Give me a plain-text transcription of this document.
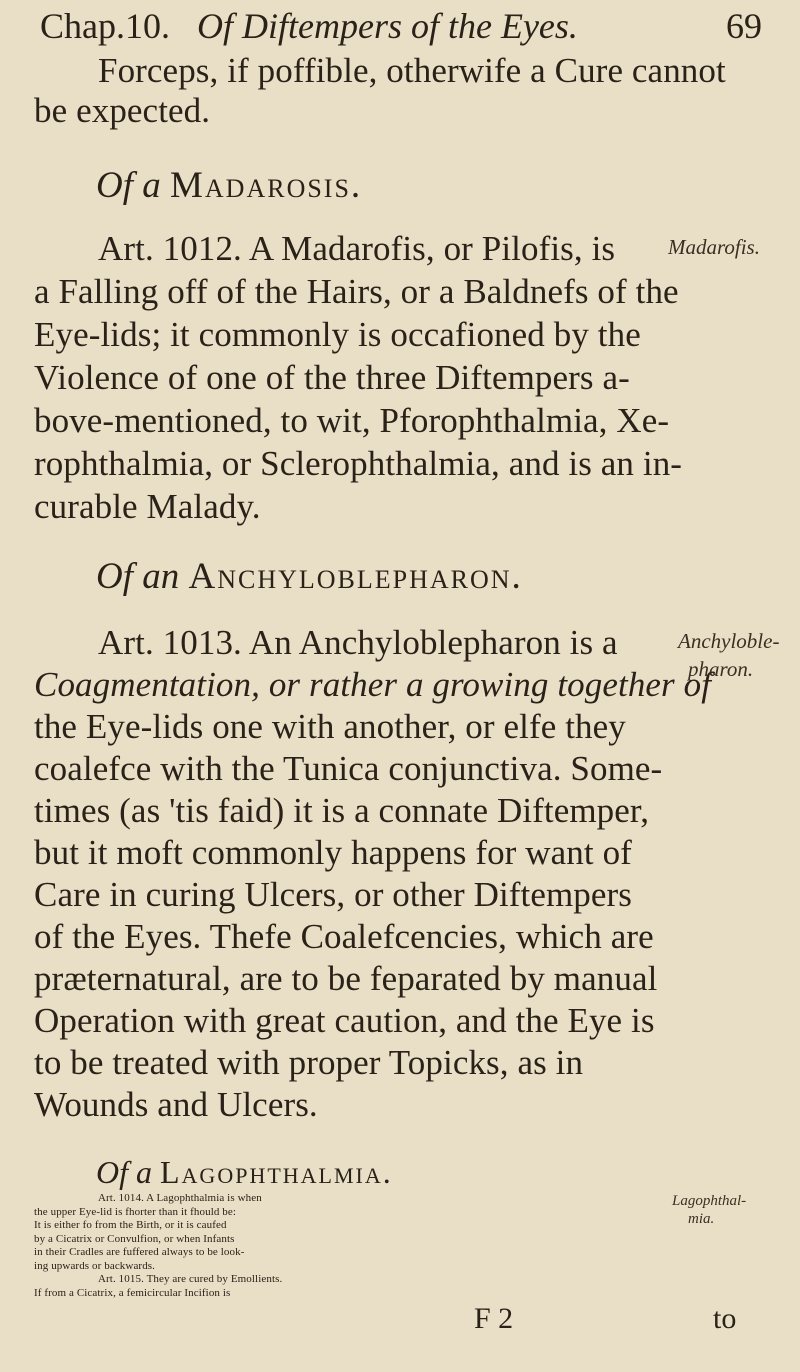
Chap.10. Of Diftempers of the Eyes.	69
Forceps, if poffible, otherwife a Cure cannot
be expected.
Of a Madarosis.
Madarofis.
Art. 1012. A Madarofis, or Pilofis, is
a Falling off of the Hairs, or a Baldnefs of the
Eye-lids; it commonly is occafioned by the
Violence of one of the three Diftempers a-
bove-mentioned, to wit, Pforophthalmia, Xe-
rophthalmia, or Sclerophthalmia, and is an in-
curable Malady.
Of an Anchyloblepharon.
Anchyloble-
pharon.
Art. 1013. An Anchyloblepharon is a
Coagmentation, or rather a growing together of
the Eye-lids one with another, or elfe they
coalefce with the Tunica conjunctiva. Some-
times (as 'tis faid) it is a connate Diftemper,
but it moft commonly happens for want of
Care in curing Ulcers, or other Diftempers
of the Eyes. Thefe Coalefcencies, which are
præternatural, are to be feparated by manual
Operation with great caution, and the Eye is
to be treated with proper Topicks, as in
Wounds and Ulcers.
Of a Lagophthalmia.
Lagophthal-
mia.
Art. 1014. A Lagophthalmia is when
the upper Eye-lid is fhorter than it fhould be:
It is either fo from the Birth, or it is caufed
by a Cicatrix or Convulfion, or when Infants
in their Cradles are fuffered always to be look-
ing upwards or backwards.
Art. 1015. They are cured by Emollients.
If from a Cicatrix, a femicircular Incifion is
F 2	to
